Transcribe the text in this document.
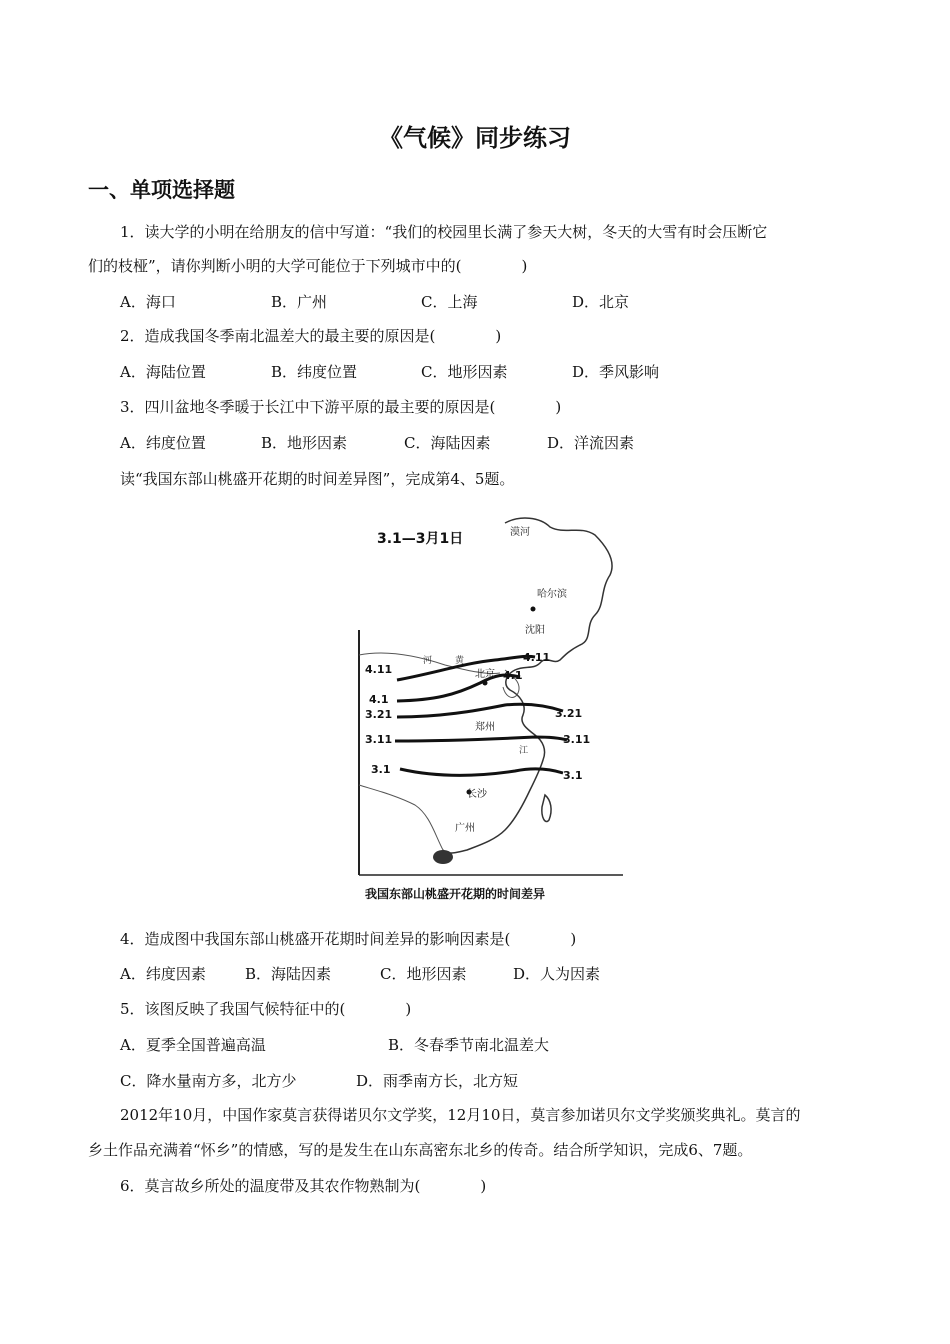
《气候》同步练习
一、单项选择题
1．读大学的小明在给朋友的信中写道：“我们的校园里长满了参天大树，冬天的大雪有时会压断它
们的枝桠”，请你判断小明的大学可能位于下列城市中的(　　　　)
A．海口	B．广州	C．上海	D．北京
2．造成我国冬季南北温差大的最主要的原因是(　　　　)
A．海陆位置	B．纬度位置	C．地形因素	D．季风影响
3．四川盆地冬季暖于长江中下游平原的最主要的原因是(　　　　)
A．纬度位置	B．地形因素	C．海陆因素	D．洋流因素
读“我国东部山桃盛开花期的时间差异图”，完成第4、5题。
3.1—3月1日	漠河
哈尔滨
沈阳
北京
郑州
长沙
广州
河	黄
江
4.11
4.1
3.21
3.11
3.1
4.11
4.1
3.21
3.11
3.1
我国东部山桃盛开花期的时间差异
4．造成图中我国东部山桃盛开花期时间差异的影响因素是(　　　　)
A．纬度因素	B．海陆因素	C．地形因素	D．人为因素
5．该图反映了我国气候特征中的(　　　　)
A．夏季全国普遍高温	B．冬春季节南北温差大
C．降水量南方多，北方少	D．雨季南方长，北方短
2012年10月，中国作家莫言获得诺贝尔文学奖，12月10日，莫言参加诺贝尔文学奖颁奖典礼。莫言的
乡土作品充满着“怀乡”的情感，写的是发生在山东高密东北乡的传奇。结合所学知识，完成6、7题。
6．莫言故乡所处的温度带及其农作物熟制为(　　　　)
